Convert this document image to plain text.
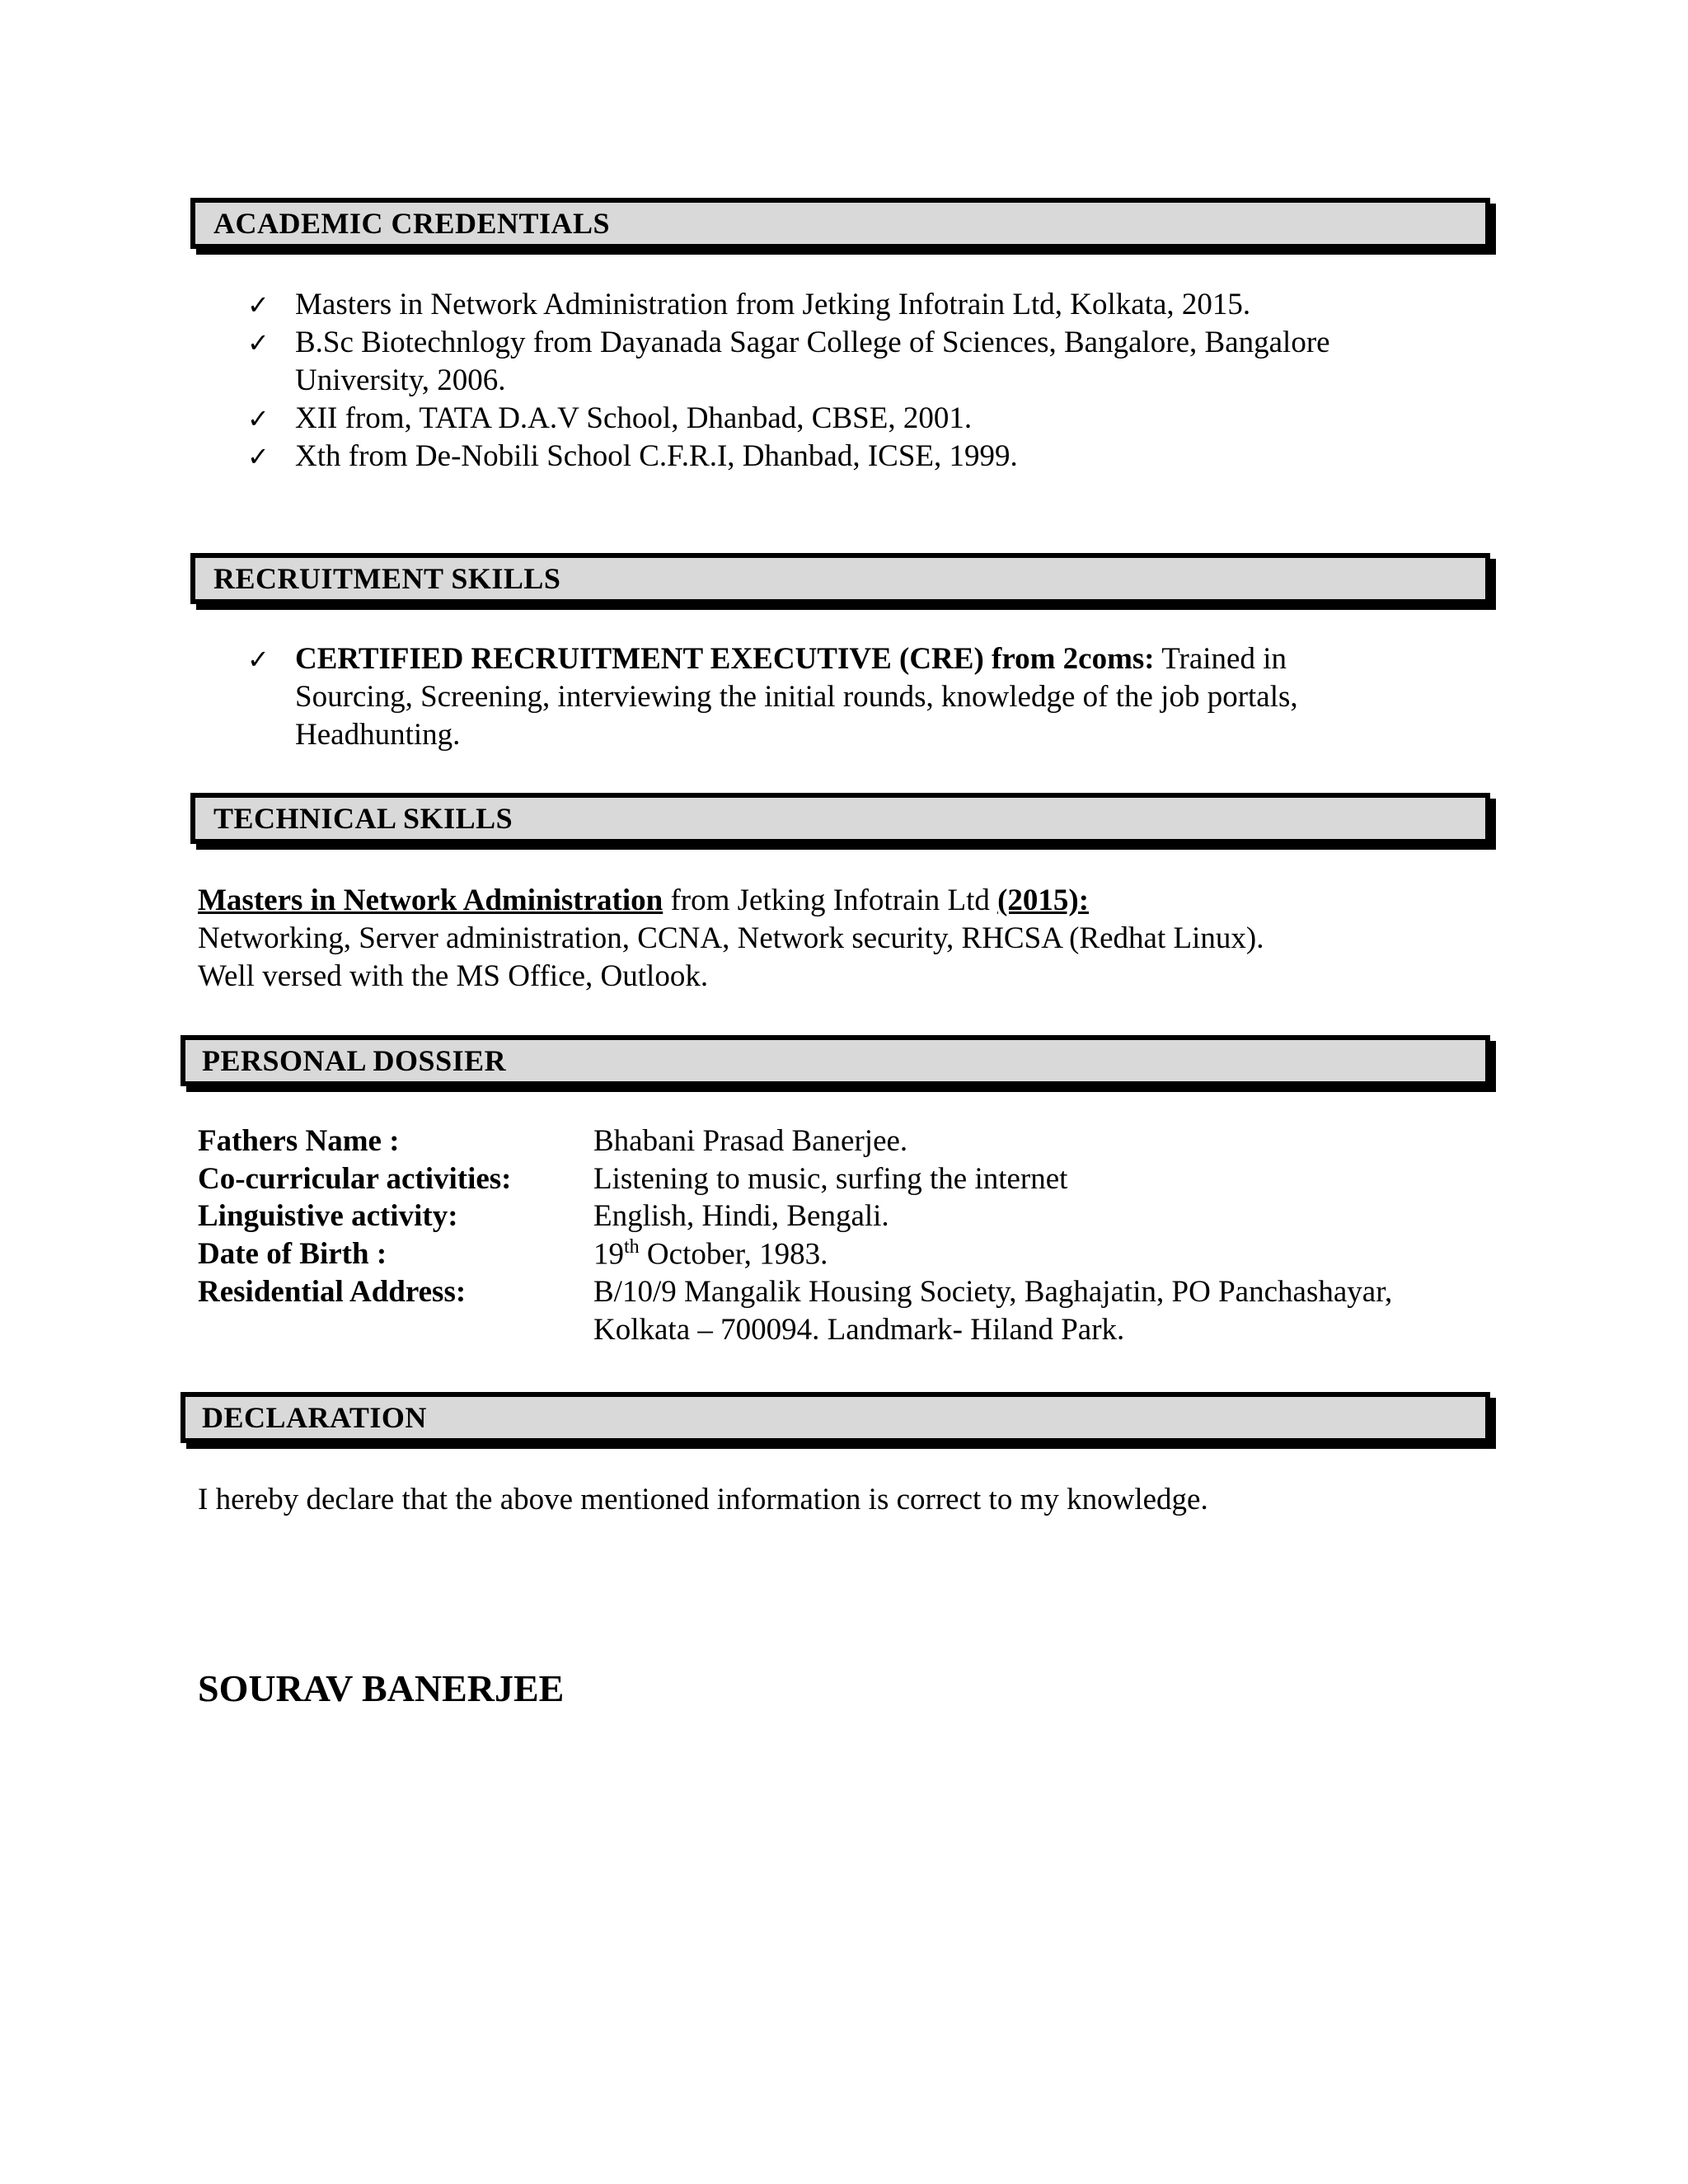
ACADEMIC CREDENTIALS
✓ Masters in Network Administration from Jetking Infotrain Ltd, Kolkata, 2015.
✓ B.Sc Biotechnlogy from Dayanada Sagar College of Sciences, Bangalore, Bangalore University, 2006.
✓ XII from, TATA D.A.V School, Dhanbad, CBSE, 2001.
✓ Xth from De-Nobili School C.F.R.I, Dhanbad, ICSE, 1999.
RECRUITMENT SKILLS
✓ CERTIFIED RECRUITMENT EXECUTIVE (CRE) from 2coms: Trained in Sourcing, Screening, interviewing the initial rounds, knowledge of the job portals, Headhunting.
TECHNICAL SKILLS
Masters in Network Administration from Jetking Infotrain Ltd (2015):
Networking, Server administration, CCNA, Network security, RHCSA (Redhat Linux).
Well versed with the MS Office, Outlook.
PERSONAL DOSSIER
Fathers Name :	Bhabani Prasad Banerjee.
Co-curricular activities:	Listening to music, surfing the internet
Linguistive activity:	English, Hindi, Bengali.
Date of Birth :	19th October, 1983.
Residential Address:	B/10/9 Mangalik Housing Society, Baghajatin, PO Panchashayar,
Kolkata – 700094. Landmark- Hiland Park.
DECLARATION
I hereby declare that the above mentioned information is correct to my knowledge.
SOURAV BANERJEE
